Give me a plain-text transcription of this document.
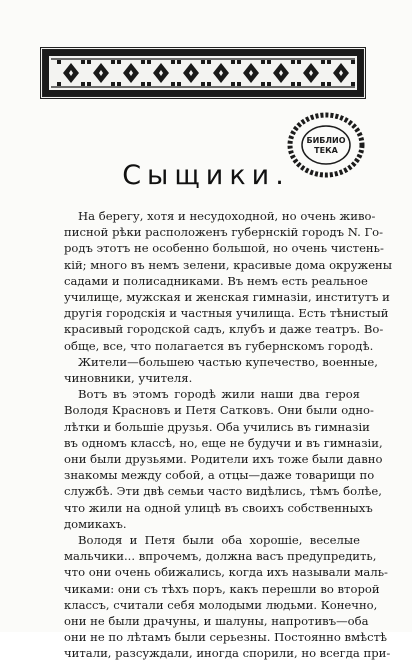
БИБЛИО
ТЕКА
Сыщики.
На берегу, хотя и несудоходной, но очень живо-
писной рѣки расположенъ губернскій городъ N. Го-
родъ этотъ не особенно большой, но очень чистень-
кій; много въ немъ зелени, красивые дома окружены
садами и полисадниками. Въ немъ есть реальное
училище, мужская и женская гимназіи, институтъ и
другія городскія и частныя училища. Есть тѣнистый
красивый городской садъ, клубъ и даже театръ. Во-
обще, все, что полагается въ губернскомъ городѣ.
Жители—большею частью купечество, военные,
чиновники, учителя.
Вотъ въ этомъ городѣ жили наши два героя
Володя Красновъ и Петя Сатковъ. Они были одно-
лѣтки и большіе друзья. Оба учились въ гимназіи
въ одномъ классѣ, но, еще не будучи и въ гимназіи,
они были друзьями. Родители ихъ тоже были давно
знакомы между собой, а отцы—даже товарищи по
службѣ. Эти двѣ семьи часто видѣлись, тѣмъ болѣе,
что жили на одной улицѣ въ своихъ собственныхъ
домикахъ.
Володя и Петя были оба хорошіе, веселые
мальчики... впрочемъ, должна васъ предупредить,
что они очень обижались, когда ихъ называли маль-
чиками: они съ тѣхъ поръ, какъ перешли во второй
классъ, считали себя молодыми людьми. Конечно,
они не были драчуны, и шалуны, напротивъ—оба
они не по лѣтамъ были серьезны. Постоянно вмѣстѣ
читали, разсуждали, иногда спорили, но всегда при-
